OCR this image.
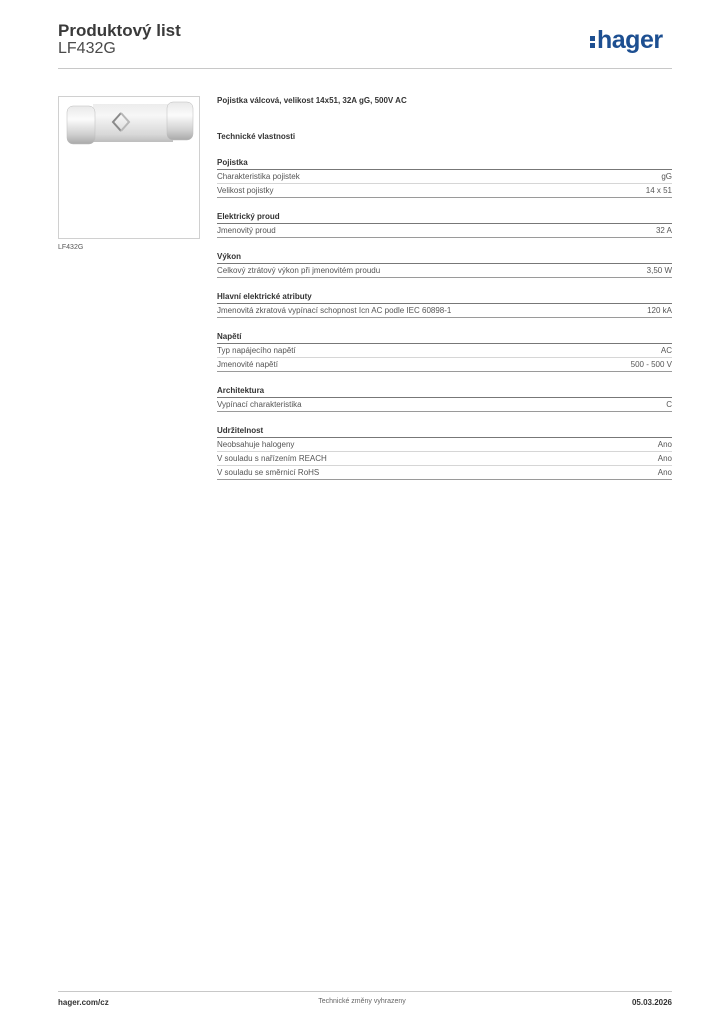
Produktový list
LF432G	hager
LF432G
Pojistka válcová, velikost 14x51, 32A gG, 500V AC
Technické vlastnosti
Pojistka
Charakteristika pojistek	gG
Velikost pojistky	14 x 51
Elektrický proud
Jmenovitý proud	32 A
Výkon
Celkový ztrátový výkon při jmenovitém proudu	3,50 W
Hlavní elektrické atributy
Jmenovitá zkratová vypínací schopnost Icn AC podle IEC 60898-1	120 kA
Napětí
Typ napájecího napětí	AC
Jmenovité napětí	500 - 500 V
Architektura
Vypínací charakteristika	C
Udržitelnost
Neobsahuje halogeny	Ano
V souladu s nařízením REACH	Ano
V souladu se směrnicí RoHS	Ano
hager.com/cz	Technické změny vyhrazeny	05.03.2026
